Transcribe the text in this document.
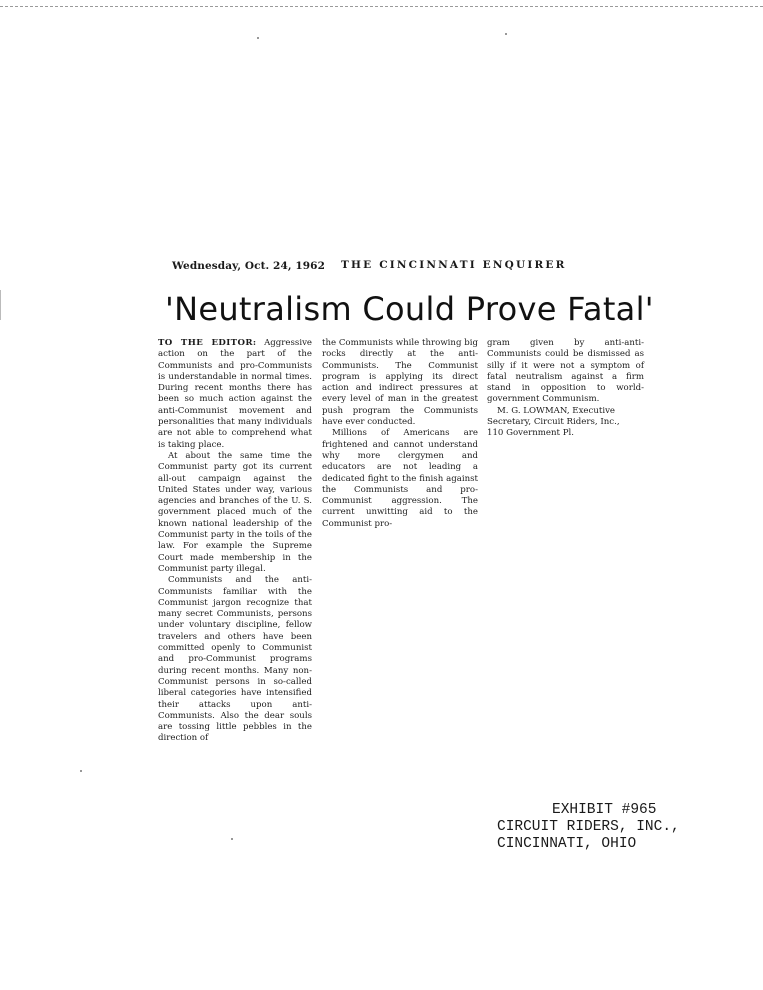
Wednesday, Oct. 24, 1962 THE CINCINNATI ENQUIRER
'Neutralism Could Prove Fatal'

TO THE EDITOR: Aggressive action on the part of the Communists and pro-Communists is understandable in normal times. During recent months there has been so much action against the anti-Communist movement and personalities that many individuals are not able to comprehend what is taking place.

At about the same time the Communist party got its current all-out campaign against the United States under way, various agencies and branches of the U. S. government placed much of the known national leadership of the Communist party in the toils of the law. For example the Supreme Court made membership in the Communist party illegal.

Communists and the anti-Communists familiar with the Communist jargon recognize that many secret Communists, persons under voluntary discipline, fellow travelers and others have been committed openly to Communist and pro-Communist programs during recent months. Many non-Communist persons in so-called liberal categories have intensified their attacks upon anti-Communists. Also the dear souls are tossing little pebbles in the direction of

the Communists while throwing big rocks directly at the anti-Communists. The Communist program is applying its direct action and indirect pressures at every level of man in the greatest push program the Communists have ever conducted.

Millions of Americans are frightened and cannot understand why more clergymen and educators are not leading a dedicated fight to the finish against the Communists and pro-Communist aggression. The current unwitting aid to the Communist pro-

gram given by anti-anti-Communists could be dismissed as silly if it were not a symptom of fatal neutralism against a firm stand in opposition to world-government Communism.

M. G. LOWMAN, Executive
Secretary, Circuit Riders, Inc.,
110 Government Pl.

EXHIBIT #965
CIRCUIT RIDERS, INC.,
CINCINNATI, OHIO
